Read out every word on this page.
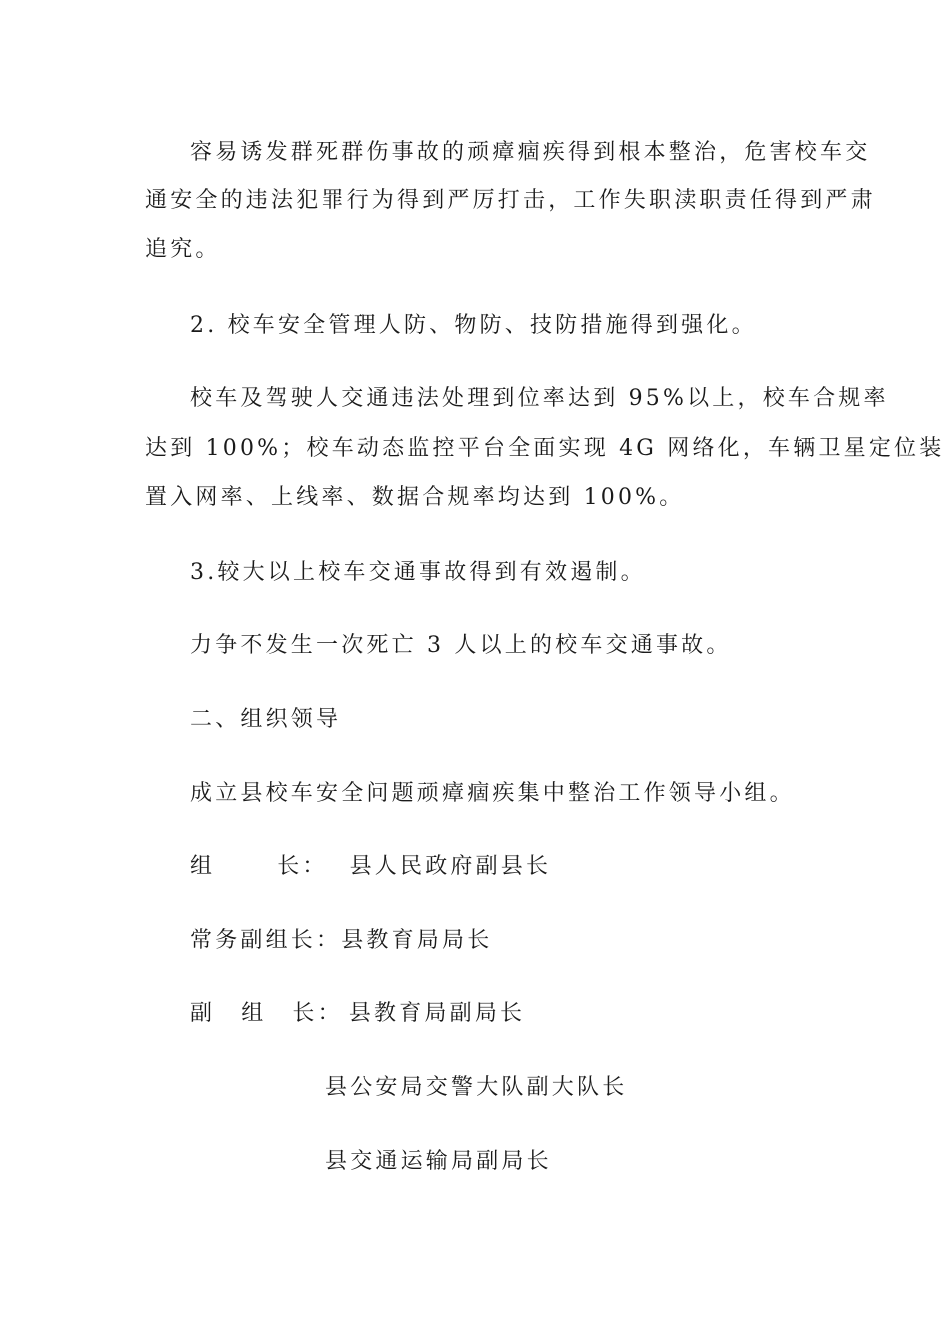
容易诱发群死群伤事故的顽瘴痼疾得到根本整治，危害校车交
通安全的违法犯罪行为得到严厉打击，工作失职渎职责任得到严肃
追究。
2. 校车安全管理人防、物防、技防措施得到强化。
校车及驾驶人交通违法处理到位率达到 95%以上，校车合规率
达到 100%；校车动态监控平台全面实现 4G 网络化，车辆卫星定位装
置入网率、上线率、数据合规率均达到 100%。
3.较大以上校车交通事故得到有效遏制。
力争不发生一次死亡 3 人以上的校车交通事故。
二、组织领导
成立县校车安全问题顽瘴痼疾集中整治工作领导小组。
组	长： 县人民政府副县长
常务副组长：县教育局局长
副 组 长： 县教育局副局长
县公安局交警大队副大队长
县交通运输局副局长
